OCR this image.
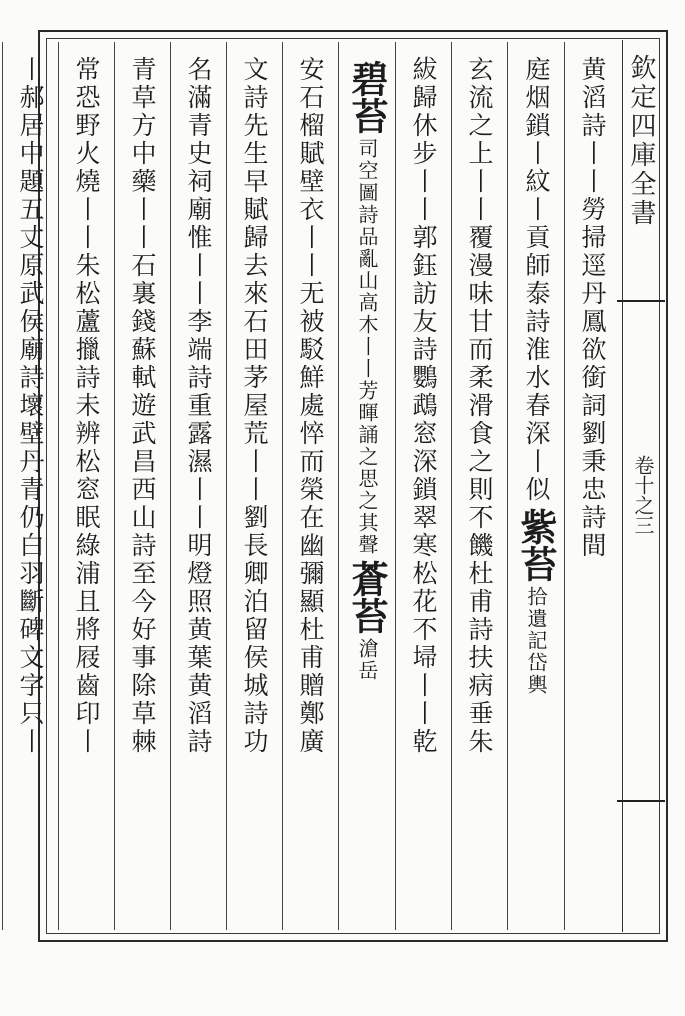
欽定四庫全書
卷十之三
黄滔詩丨丨勞掃逕丹鳳欲銜詞劉秉忠詩間
庭烟鎖丨紋丨貢師泰詩淮水春深丨似紫苔拾遺記岱輿
玄流之上丨丨覆漫味甘而柔滑食之則不饑杜甫詩扶病垂朱
紱歸休步丨丨郭鈺訪友詩鸚鵡窓深鎖翠寒松花不埽丨丨乾
碧苔司空圖詩品亂山高木丨丨芳暉誦之思之其聲蒼苔滄岳
安石榴賦壁衣丨丨无被駁鮮處悴而榮在幽彌顯杜甫贈鄭廣
文詩先生早賦歸去來石田茅屋荒丨丨劉長卿泊留侯城詩功
名滿青史祠廟惟丨丨李端詩重露濕丨丨明燈照黄葉黄滔詩
青草方中藥丨丨石裏錢蘇軾遊武昌西山詩至今好事除草棘
常恐野火燒丨丨朱松蘆擸詩未辨松窓眠綠浦且將屐齒印丨
丨郝居中題五丈原武侯廟詩壞壁丹青仍白羽斷碑文字只丨
